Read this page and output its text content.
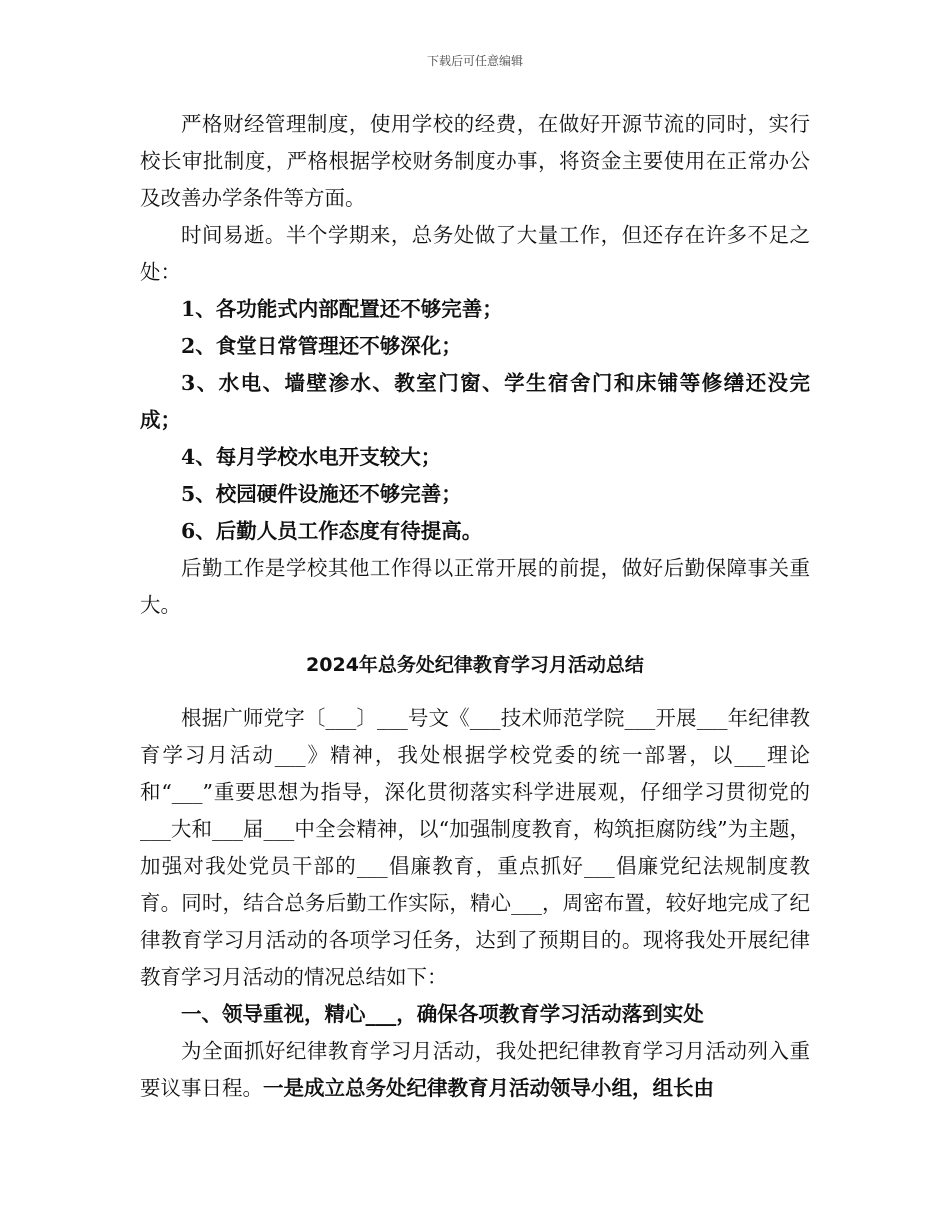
下载后可任意编辑

严格财经管理制度，使用学校的经费，在做好开源节流的同时，实行校长审批制度，严格根据学校财务制度办事，将资金主要使用在正常办公及改善办学条件等方面。

时间易逝。半个学期来，总务处做了大量工作，但还存在许多不足之处：

1、各功能式内部配置还不够完善；

2、食堂日常管理还不够深化；

3、水电、墙壁渗水、教室门窗、学生宿舍门和床铺等修缮还没完成；

4、每月学校水电开支较大；

5、校园硬件设施还不够完善；

6、后勤人员工作态度有待提高。

后勤工作是学校其他工作得以正常开展的前提，做好后勤保障事关重大。

2024年总务处纪律教育学习月活动总结

根据广师党字〔___〕___号文《___技术师范学院___开展___年纪律教育学习月活动___》精神，我处根据学校党委的统一部署，以___理论和“___”重要思想为指导，深化贯彻落实科学进展观，仔细学习贯彻党的___大和___届___中全会精神，以“加强制度教育，构筑拒腐防线”为主题，加强对我处党员干部的___倡廉教育，重点抓好___倡廉党纪法规制度教育。同时，结合总务后勤工作实际，精心___，周密布置，较好地完成了纪律教育学习月活动的各项学习任务，达到了预期目的。现将我处开展纪律教育学习月活动的情况总结如下：

一、领导重视，精心___，确保各项教育学习活动落到实处

为全面抓好纪律教育学习月活动，我处把纪律教育学习月活动列入重要议事日程。一是成立总务处纪律教育月活动领导小组，组长由
